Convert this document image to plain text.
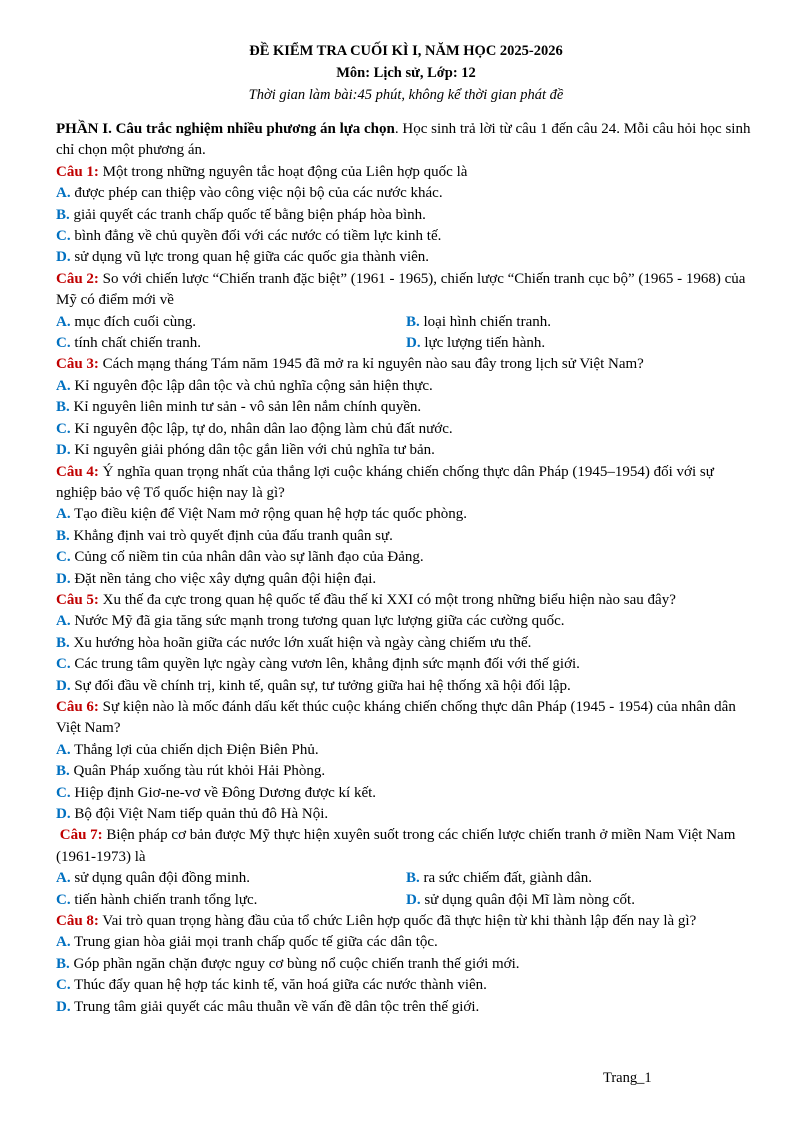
ĐỀ KIỂM TRA CUỐI KÌ I, NĂM HỌC 2025-2026
Môn: Lịch sử, Lớp: 12
Thời gian làm bài:45 phút, không kể thời gian phát đề
PHẦN I. Câu trắc nghiệm nhiều phương án lựa chọn. Học sinh trả lời từ câu 1 đến câu 24. Mỗi câu hỏi học sinh chỉ chọn một phương án.
Câu 1: Một trong những nguyên tắc hoạt động của Liên hợp quốc là
A. được phép can thiệp vào công việc nội bộ của các nước khác.
B. giải quyết các tranh chấp quốc tế bằng biện pháp hòa bình.
C. bình đẳng về chủ quyền đối với các nước có tiềm lực kinh tế.
D. sử dụng vũ lực trong quan hệ giữa các quốc gia thành viên.
Câu 2: So với chiến lược “Chiến tranh đặc biệt” (1961 - 1965), chiến lược “Chiến tranh cục bộ” (1965 - 1968) của Mỹ có điểm mới về
A. mục đích cuối cùng.	B. loại hình chiến tranh.
C. tính chất chiến tranh.	D. lực lượng tiến hành.
Câu 3: Cách mạng tháng Tám năm 1945 đã mở ra kỉ nguyên nào sau đây trong lịch sử Việt Nam?
A. Kỉ nguyên độc lập dân tộc và chủ nghĩa cộng sản hiện thực.
B. Kỉ nguyên liên minh tư sản - vô sản lên nắm chính quyền.
C. Kỉ nguyên độc lập, tự do, nhân dân lao động làm chủ đất nước.
D. Kỉ nguyên giải phóng dân tộc gắn liền với chủ nghĩa tư bản.
Câu 4: Ý nghĩa quan trọng nhất của thắng lợi cuộc kháng chiến chống thực dân Pháp (1945–1954) đối với sự nghiệp bảo vệ Tổ quốc hiện nay là gì?
A. Tạo điều kiện để Việt Nam mở rộng quan hệ hợp tác quốc phòng.
B. Khẳng định vai trò quyết định của đấu tranh quân sự.
C. Củng cố niềm tin của nhân dân vào sự lãnh đạo của Đảng.
D. Đặt nền tảng cho việc xây dựng quân đội hiện đại.
Câu 5: Xu thế đa cực trong quan hệ quốc tế đầu thế kỉ XXI có một trong những biểu hiện nào sau đây?
A. Nước Mỹ đã gia tăng sức mạnh trong tương quan lực lượng giữa các cường quốc.
B. Xu hướng hòa hoãn giữa các nước lớn xuất hiện và ngày càng chiếm ưu thế.
C. Các trung tâm quyền lực ngày càng vươn lên, khẳng định sức mạnh đối với thế giới.
D. Sự đối đầu về chính trị, kinh tế, quân sự, tư tưởng giữa hai hệ thống xã hội đối lập.
Câu 6: Sự kiện nào là mốc đánh dấu kết thúc cuộc kháng chiến chống thực dân Pháp (1945 - 1954) của nhân dân Việt Nam?
A. Thắng lợi của chiến dịch Điện Biên Phủ.
B. Quân Pháp xuống tàu rút khỏi Hải Phòng.
C. Hiệp định Giơ-ne-vơ về Đông Dương được kí kết.
D. Bộ đội Việt Nam tiếp quản thủ đô Hà Nội.
Câu 7: Biện pháp cơ bản được Mỹ thực hiện xuyên suốt trong các chiến lược chiến tranh ở miền Nam Việt Nam (1961-1973) là
A. sử dụng quân đội đồng minh.	B. ra sức chiếm đất, giành dân.
C. tiến hành chiến tranh tổng lực.	D. sử dụng quân đội Mĩ làm nòng cốt.
Câu 8: Vai trò quan trọng hàng đầu của tổ chức Liên hợp quốc đã thực hiện từ khi thành lập đến nay là gì?
A. Trung gian hòa giải mọi tranh chấp quốc tế giữa các dân tộc.
B. Góp phần ngăn chặn được nguy cơ bùng nổ cuộc chiến tranh thế giới mới.
C. Thúc đẩy quan hệ hợp tác kinh tế, văn hoá giữa các nước thành viên.
D. Trung tâm giải quyết các mâu thuẫn về vấn đề dân tộc trên thế giới.
Trang_1
